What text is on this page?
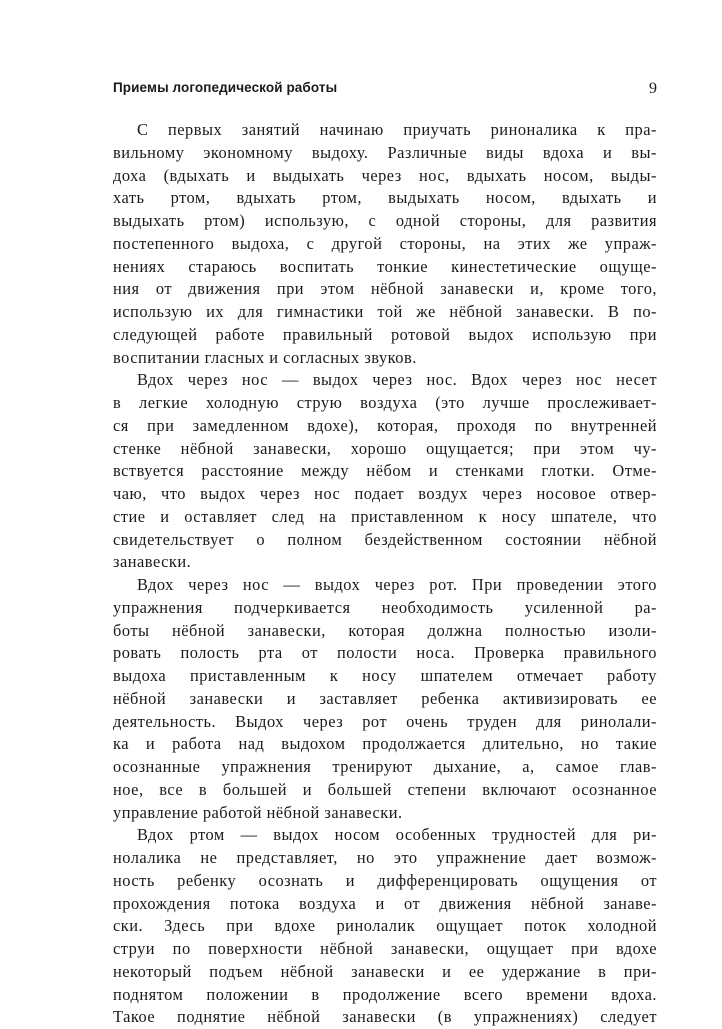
Приемы логопедической работы	9
С первых занятий начинаю приучать риноналика к пра-
вильному экономному выдоху. Различные виды вдоха и вы-
доха (вдыхать и выдыхать через нос, вдыхать носом, выды-
хать ртом, вдыхать ртом, выдыхать носом, вдыхать и
выдыхать ртом) использую, с одной стороны, для развития
постепенного выдоха, с другой стороны, на этих же упраж-
нениях стараюсь воспитать тонкие кинестетические ощуще-
ния от движения при этом нёбной занавески и, кроме того,
использую их для гимнастики той же нёбной занавески. В по-
следующей работе правильный ротовой выдох использую при
воспитании гласных и согласных звуков.
Вдох через нос — выдох через нос. Вдох через нос несет
в легкие холодную струю воздуха (это лучше прослеживает-
ся при замедленном вдохе), которая, проходя по внутренней
стенке нёбной занавески, хорошо ощущается; при этом чу-
вствуется расстояние между нёбом и стенками глотки. Отме-
чаю, что выдох через нос подает воздух через носовое отвер-
стие и оставляет след на приставленном к носу шпателе, что
свидетельствует о полном бездейственном состоянии нёбной
занавески.
Вдох через нос — выдох через рот. При проведении этого
упражнения подчеркивается необходимость усиленной ра-
боты нёбной занавески, которая должна полностью изоли-
ровать полость рта от полости носа. Проверка правильного
выдоха приставленным к носу шпателем отмечает работу
нёбной занавески и заставляет ребенка активизировать ее
деятельность. Выдох через рот очень труден для ринолали-
ка и работа над выдохом продолжается длительно, но такие
осознанные упражнения тренируют дыхание, а, самое глав-
ное, все в большей и большей степени включают осознанное
управление работой нёбной занавески.
Вдох ртом — выдох носом особенных трудностей для ри-
нолалика не представляет, но это упражнение дает возмож-
ность ребенку осознать и дифференцировать ощущения от
прохождения потока воздуха и от движения нёбной занаве-
ски. Здесь при вдохе ринолалик ощущает поток холодной
струи по поверхности нёбной занавески, ощущает при вдохе
некоторый подъем нёбной занавески и ее удержание в при-
поднятом положении в продолжение всего времени вдоха.
Такое поднятие нёбной занавески (в упражнениях) следует
